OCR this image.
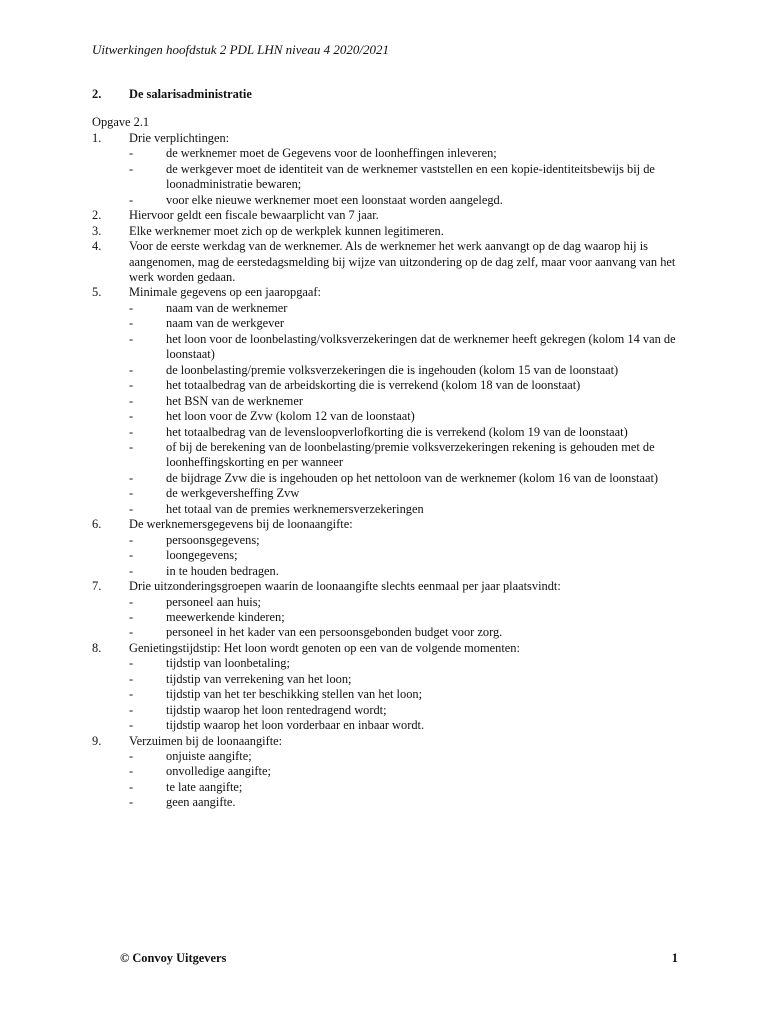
Uitwerkingen hoofdstuk 2 PDL LHN niveau 4 2020/2021
2.	De salarisadministratie
Opgave 2.1
1.	Drie verplichtingen:
-	de werknemer moet de Gegevens voor de loonheffingen inleveren;
-	de werkgever moet de identiteit van de werknemer vaststellen en een kopie-identiteitsbewijs bij de loonadministratie bewaren;
-	voor elke nieuwe werknemer moet een loonstaat worden aangelegd.
2.	Hiervoor geldt een fiscale bewaarplicht van 7 jaar.
3.	Elke werknemer moet zich op de werkplek kunnen legitimeren.
4.	Voor de eerste werkdag van de werknemer. Als de werknemer het werk aanvangt op de dag waarop hij is aangenomen, mag de eerstedagsmelding bij wijze van uitzondering op de dag zelf, maar voor aanvang van het werk worden gedaan.
5.	Minimale gegevens op een jaaropgaaf:
-	naam van de werknemer
-	naam van de werkgever
-	het loon voor de loonbelasting/volksverzekeringen dat de werknemer heeft gekregen (kolom 14 van de loonstaat)
-	de loonbelasting/premie volksverzekeringen die is ingehouden (kolom 15 van de loonstaat)
-	het totaalbedrag van de arbeidskorting die is verrekend (kolom 18 van de loonstaat)
-	het BSN van de werknemer
-	het loon voor de Zvw (kolom 12 van de loonstaat)
-	het totaalbedrag van de levensloopverlofkorting die is verrekend (kolom 19 van de loonstaat)
-	of bij de berekening van de loonbelasting/premie volksverzekeringen rekening is gehouden met de loonheffingskorting en per wanneer
-	de bijdrage Zvw die is ingehouden op het nettoloon van de werknemer (kolom 16 van de loonstaat)
-	de werkgeversheffing Zvw
-	het totaal van de premies werknemersverzekeringen
6.	De werknemersgegevens bij de loonaangifte:
-	persoonsgegevens;
-	loongegevens;
-	in te houden bedragen.
7.	Drie uitzonderingsgroepen waarin de loonaangifte slechts eenmaal per jaar plaatsvindt:
-	personeel aan huis;
-	meewerkende kinderen;
-	personeel in het kader van een persoonsgebonden budget voor zorg.
8.	Genietingstijdstip: Het loon wordt genoten op een van de volgende momenten:
-	tijdstip van loonbetaling;
-	tijdstip van verrekening van het loon;
-	tijdstip van het ter beschikking stellen van het loon;
-	tijdstip waarop het loon rentedragend wordt;
-	tijdstip waarop het loon vorderbaar en inbaar wordt.
9.	Verzuimen bij de loonaangifte:
-	onjuiste aangifte;
-	onvolledige aangifte;
-	te late aangifte;
-	geen aangifte.
© Convoy Uitgevers	1
